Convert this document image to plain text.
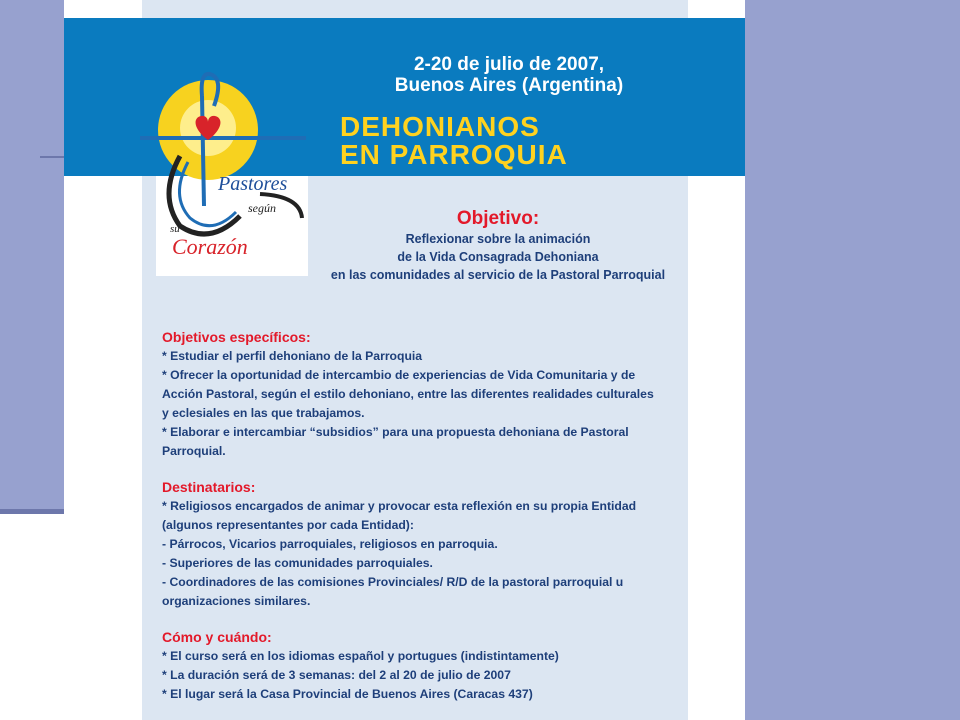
2-20 de julio de 2007,
Buenos Aires (Argentina)
DEHONIANOS
EN PARROQUIA
Pastores
según
su
Corazón
Objetivo:
Reflexionar sobre la animación
de la Vida Consagrada Dehoniana
en las comunidades al servicio de la Pastoral Parroquial
Objetivos específicos:
* Estudiar el perfil dehoniano de la Parroquia
* Ofrecer la oportunidad de intercambio de experiencias de Vida Comunitaria y de
Acción Pastoral, según el estilo dehoniano, entre las diferentes realidades culturales
y eclesiales en las que trabajamos.
* Elaborar e intercambiar “subsidios” para una propuesta dehoniana de Pastoral
Parroquial.
Destinatarios:
* Religiosos encargados de animar y provocar esta reflexión en su propia Entidad
(algunos representantes por cada Entidad):
- Párrocos, Vicarios parroquiales, religiosos en parroquia.
- Superiores de las comunidades parroquiales.
- Coordinadores de las comisiones Provinciales/ R/D de la pastoral parroquial u
organizaciones similares.
Cómo y cuándo:
* El curso será en los idiomas español y portugues (indistintamente)
* La duración será de 3 semanas: del 2 al 20 de julio de 2007
* El lugar será la Casa Provincial de Buenos Aires (Caracas 437)
